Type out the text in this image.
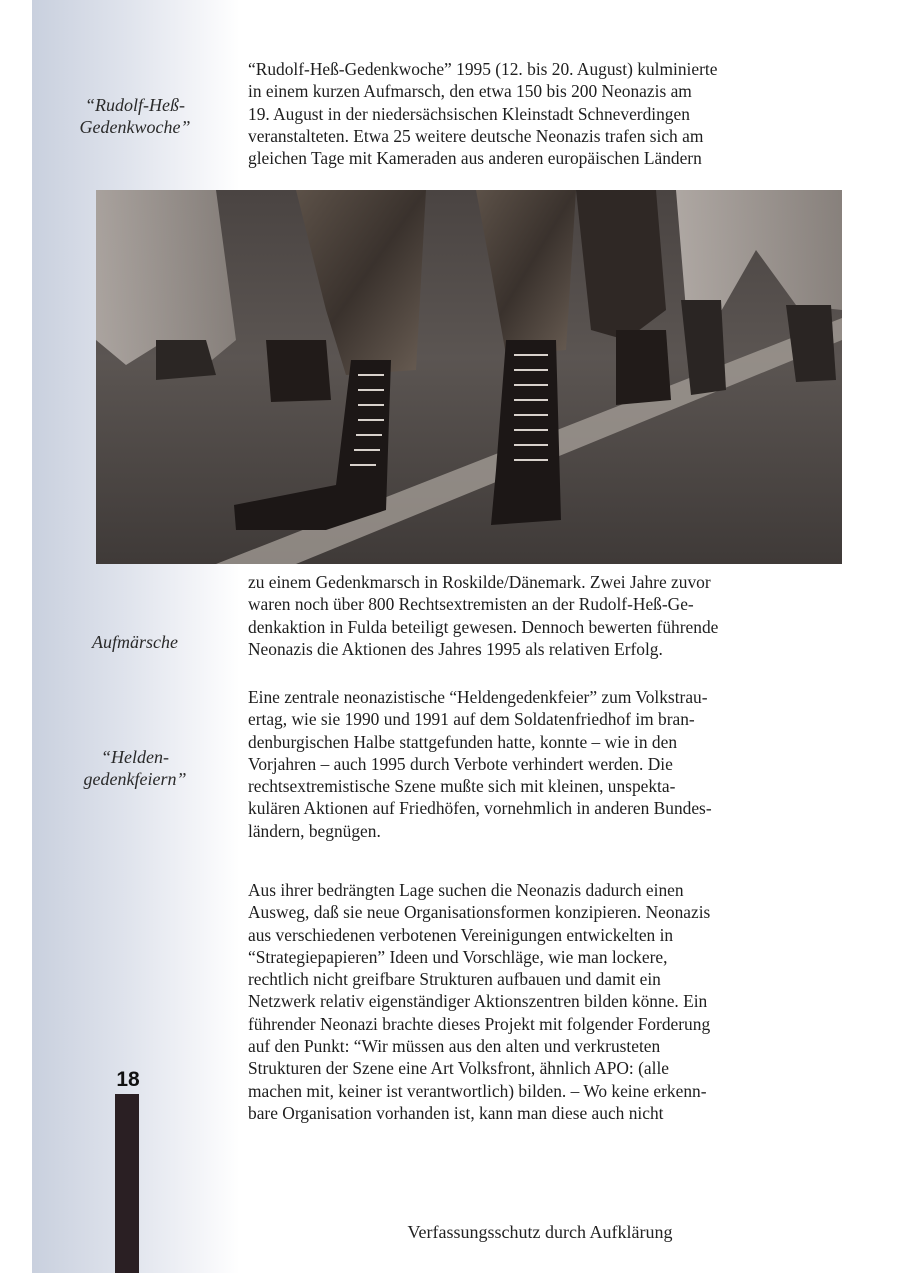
“Rudolf-Heß-
Gedenkwoche”
Aufmärsche
“Helden-
gedenkfeiern”

“Rudolf-Heß-Gedenkwoche” 1995 (12. bis 20. August) kulminierte
in einem kurzen Aufmarsch, den etwa 150 bis 200 Neonazis am
19. August in der niedersächsischen Kleinstadt Schneverdingen
veranstalteten. Etwa 25 weitere deutsche Neonazis trafen sich am
gleichen Tage mit Kameraden aus anderen europäischen Ländern

zu einem Gedenkmarsch in Roskilde/Dänemark. Zwei Jahre zuvor
waren noch über 800 Rechtsextremisten an der Rudolf-Heß-Ge-
denkaktion in Fulda beteiligt gewesen. Dennoch bewerten führende
Neonazis die Aktionen des Jahres 1995 als relativen Erfolg.

Eine zentrale neonazistische “Heldengedenkfeier” zum Volkstrau-
ertag, wie sie 1990 und 1991 auf dem Soldatenfriedhof im bran-
denburgischen Halbe stattgefunden hatte, konnte – wie in den
Vorjahren – auch 1995 durch Verbote verhindert werden. Die
rechtsextremistische Szene mußte sich mit kleinen, unspekta-
kulären Aktionen auf Friedhöfen, vornehmlich in anderen Bundes-
ländern, begnügen.

Aus ihrer bedrängten Lage suchen die Neonazis dadurch einen
Ausweg, daß sie neue Organisationsformen konzipieren. Neonazis
aus verschiedenen verbotenen Vereinigungen entwickelten in
“Strategiepapieren” Ideen und Vorschläge, wie man lockere,
rechtlich nicht greifbare Strukturen aufbauen und damit ein
Netzwerk relativ eigenständiger Aktionszentren bilden könne. Ein
führender Neonazi brachte dieses Projekt mit folgender Forderung
auf den Punkt: “Wir müssen aus den alten und verkrusteten
Strukturen der Szene eine Art Volksfront, ähnlich APO: (alle
machen mit, keiner ist verantwortlich) bilden. – Wo keine erkenn-
bare Organisation vorhanden ist, kann man diese auch nicht

18
Verfassungsschutz durch Aufklärung
